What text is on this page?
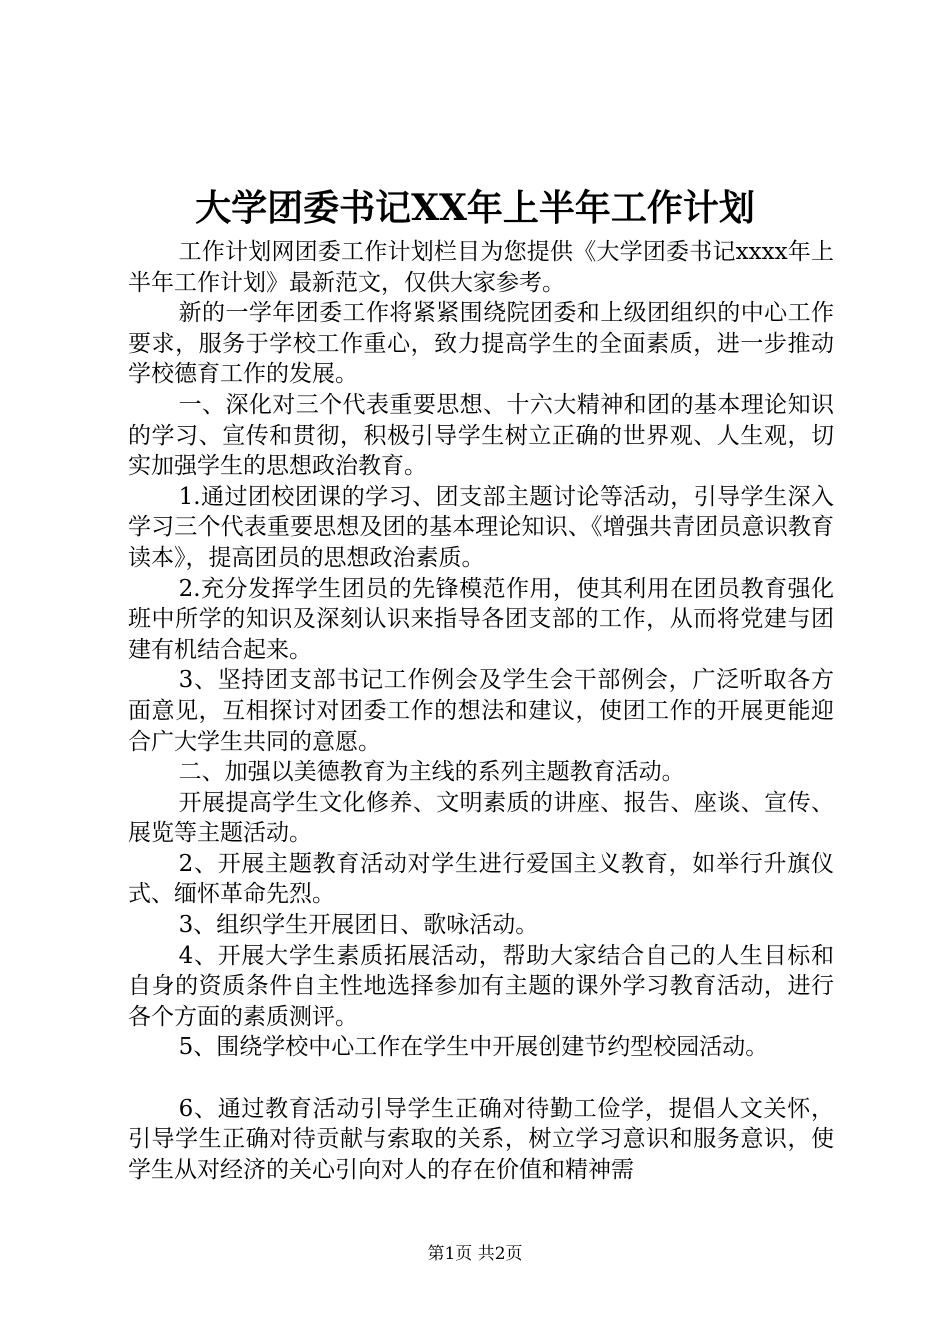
大学团委书记XX年上半年工作计划

工作计划网团委工作计划栏目为您提供《大学团委书记xxxx年上半年工作计划》最新范文，仅供大家参考。

新的一学年团委工作将紧紧围绕院团委和上级团组织的中心工作要求，服务于学校工作重心，致力提高学生的全面素质，进一步推动学校德育工作的发展。

一、深化对三个代表重要思想、十六大精神和团的基本理论知识的学习、宣传和贯彻，积极引导学生树立正确的世界观、人生观，切实加强学生的思想政治教育。

1.通过团校团课的学习、团支部主题讨论等活动，引导学生深入学习三个代表重要思想及团的基本理论知识、《增强共青团员意识教育读本》，提高团员的思想政治素质。

2.充分发挥学生团员的先锋模范作用，使其利用在团员教育强化班中所学的知识及深刻认识来指导各团支部的工作，从而将党建与团建有机结合起来。

3、坚持团支部书记工作例会及学生会干部例会，广泛听取各方面意见，互相探讨对团委工作的想法和建议，使团工作的开展更能迎合广大学生共同的意愿。

二、加强以美德教育为主线的系列主题教育活动。

开展提高学生文化修养、文明素质的讲座、报告、座谈、宣传、展览等主题活动。

2、开展主题教育活动对学生进行爱国主义教育，如举行升旗仪式、缅怀革命先烈。

3、组织学生开展团日、歌咏活动。

4、开展大学生素质拓展活动，帮助大家结合自己的人生目标和自身的资质条件自主性地选择参加有主题的课外学习教育活动，进行各个方面的素质测评。

5、围绕学校中心工作在学生中开展创建节约型校园活动。

6、通过教育活动引导学生正确对待勤工俭学，提倡人文关怀，引导学生正确对待贡献与索取的关系，树立学习意识和服务意识，使学生从对经济的关心引向对人的存在价值和精神需

第1页 共2页
